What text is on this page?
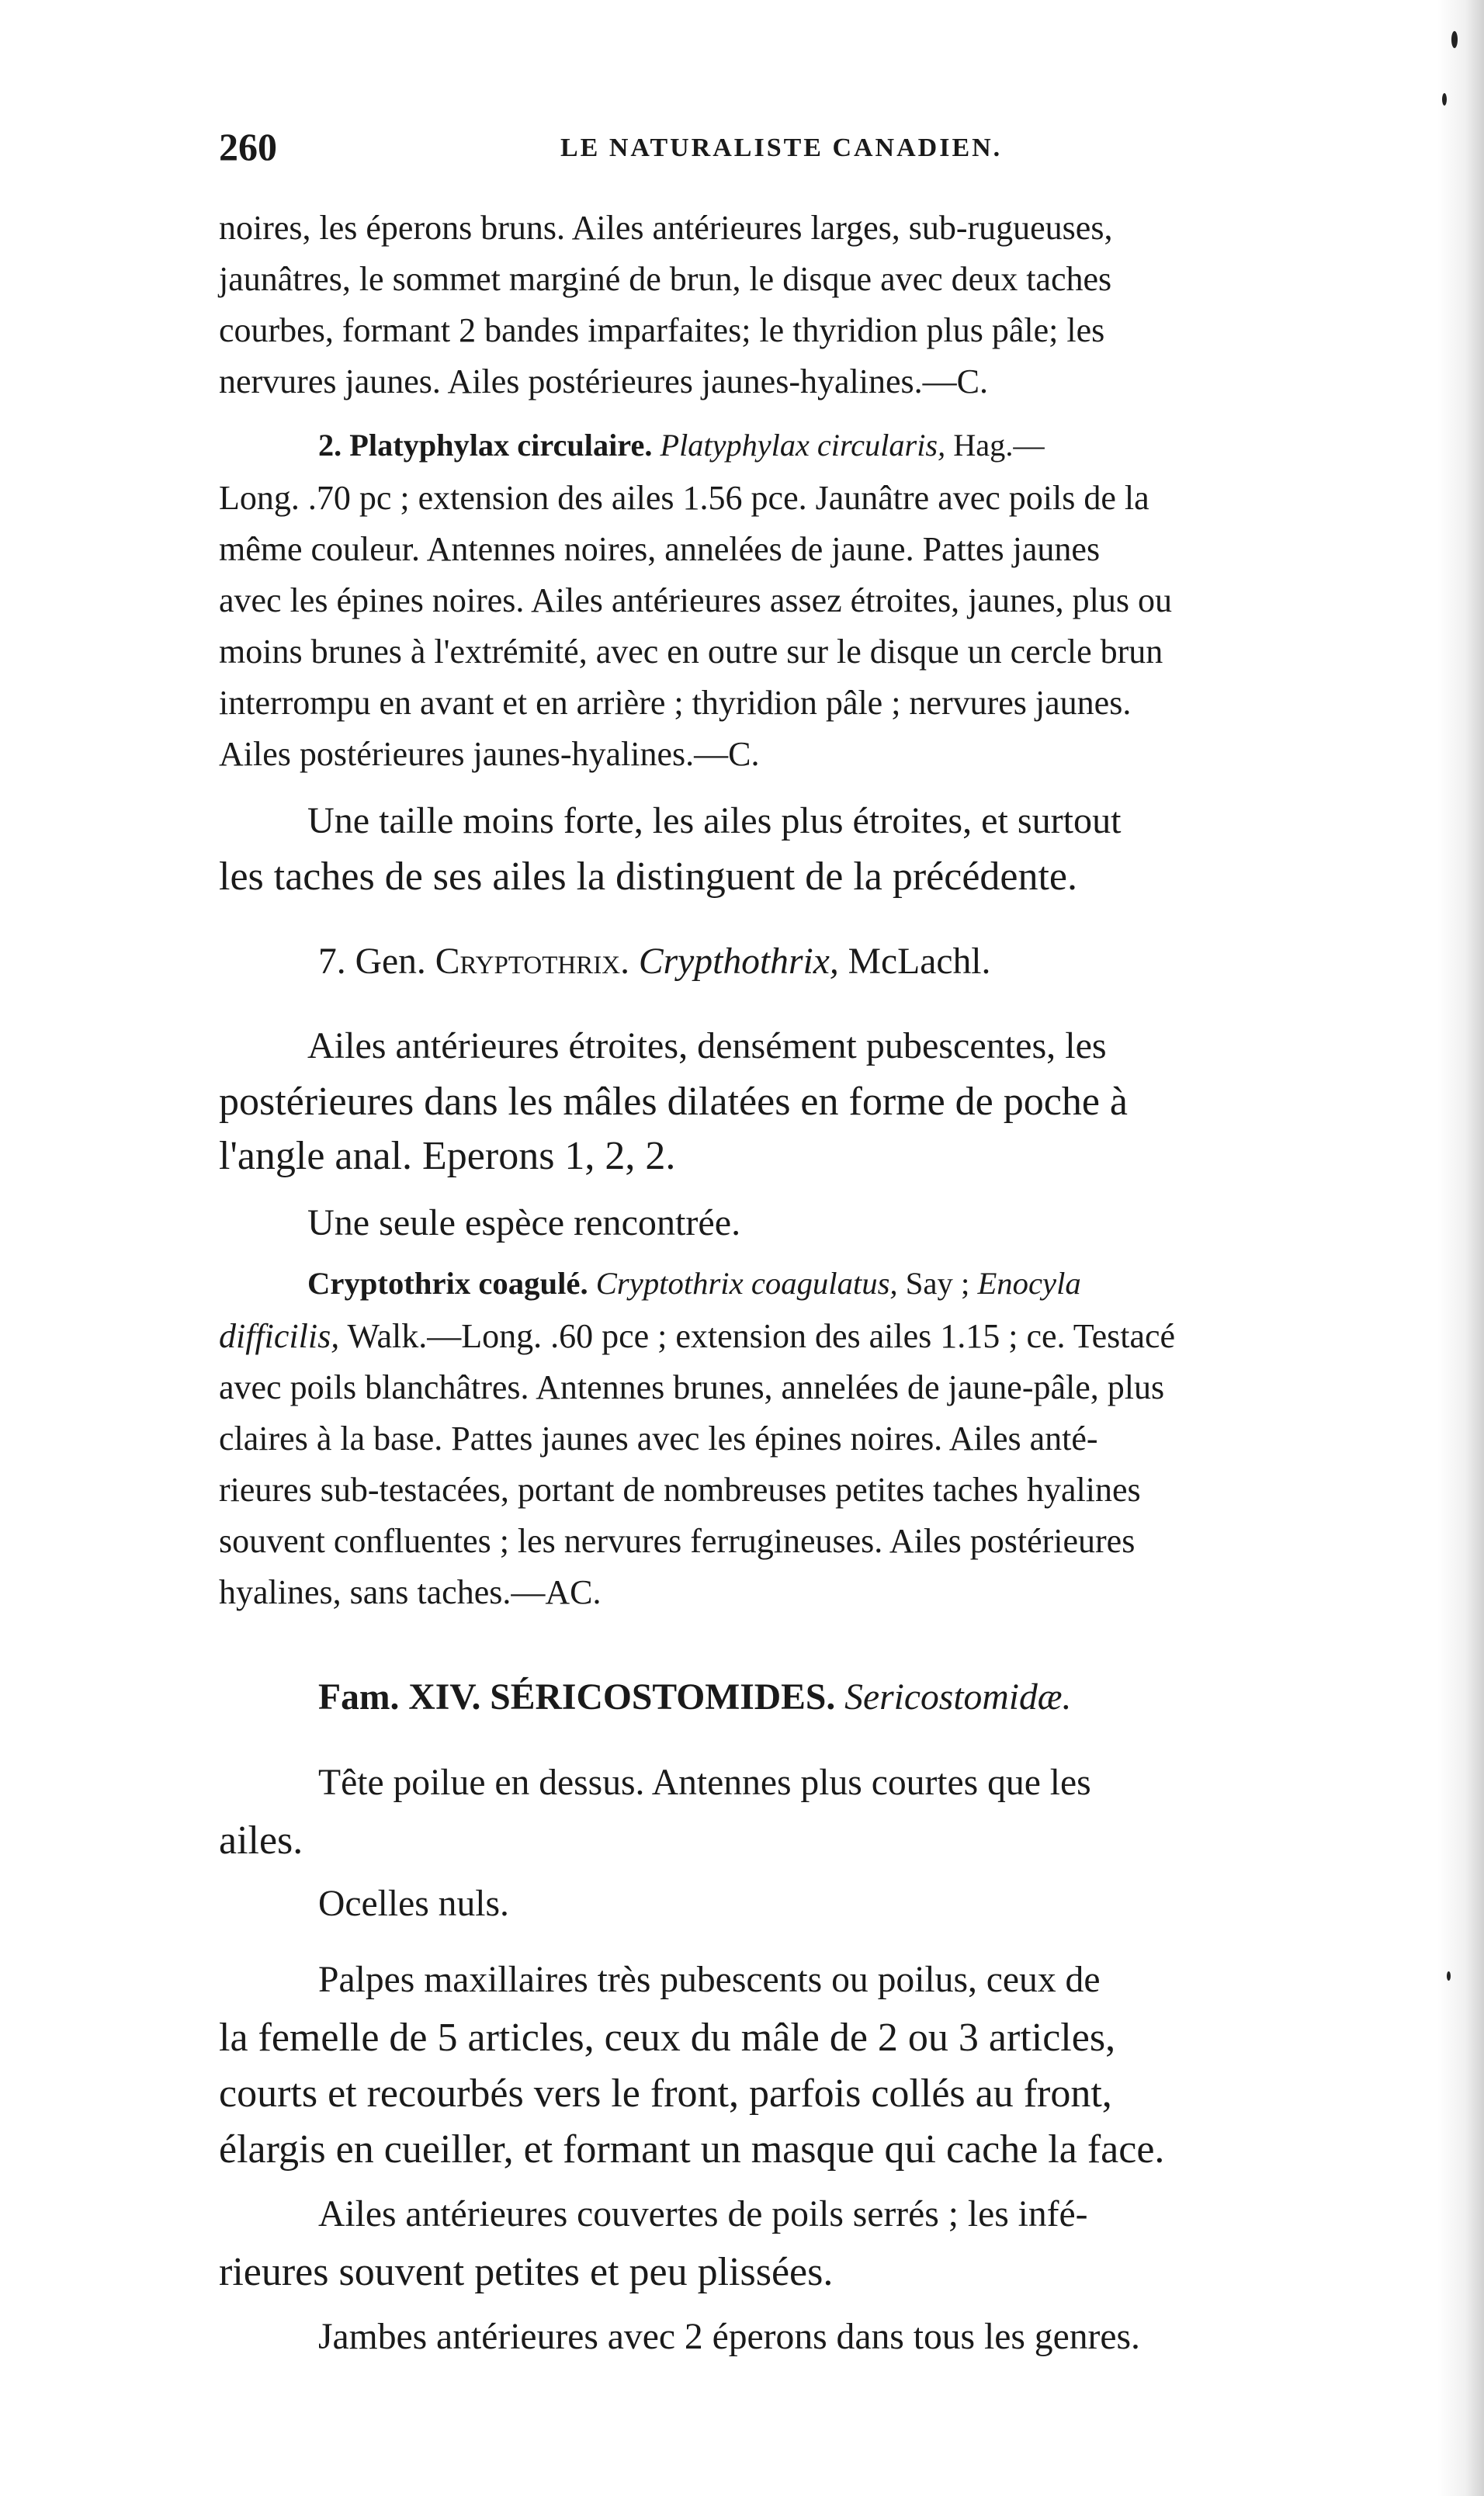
260	LE NATURALISTE CANADIEN.
noires, les éperons bruns. Ailes antérieures larges, sub-rugueuses,
jaunâtres, le sommet marginé de brun, le disque avec deux taches
courbes, formant 2 bandes imparfaites; le thyridion plus pâle; les
nervures jaunes. Ailes postérieures jaunes-hyalines.—C.
2. Platyphylax circulaire. Platyphylax circularis, Hag.—
Long. .70 pc ; extension des ailes 1.56 pce. Jaunâtre avec poils de la
même couleur. Antennes noires, annelées de jaune. Pattes jaunes
avec les épines noires. Ailes antérieures assez étroites, jaunes, plus ou
moins brunes à l'extrémité, avec en outre sur le disque un cercle brun
interrompu en avant et en arrière ; thyridion pâle ; nervures jaunes.
Ailes postérieures jaunes-hyalines.—C.
Une taille moins forte, les ailes plus étroites, et surtout
les taches de ses ailes la distinguent de la précédente.
7. Gen. Cryptothrix. Crypthothrix, McLachl.
Ailes antérieures étroites, densément pubescentes, les
postérieures dans les mâles dilatées en forme de poche à
l'angle anal. Eperons 1, 2, 2.
Une seule espèce rencontrée.
Cryptothrix coagulé. Cryptothrix coagulatus, Say ; Enocyla
difficilis, Walk.—Long. .60 pce ; extension des ailes 1.15 ; ce. Testacé
avec poils blanchâtres. Antennes brunes, annelées de jaune-pâle, plus
claires à la base. Pattes jaunes avec les épines noires. Ailes anté-
rieures sub-testacées, portant de nombreuses petites taches hyalines
souvent confluentes ; les nervures ferrugineuses. Ailes postérieures
hyalines, sans taches.—AC.
Fam. XIV. SÉRICOSTOMIDES. Sericostomidæ.
Tête poilue en dessus. Antennes plus courtes que les
ailes.
Ocelles nuls.
Palpes maxillaires très pubescents ou poilus, ceux de
la femelle de 5 articles, ceux du mâle de 2 ou 3 articles,
courts et recourbés vers le front, parfois collés au front,
élargis en cueiller, et formant un masque qui cache la face.
Ailes antérieures couvertes de poils serrés ; les infé-
rieures souvent petites et peu plissées.
Jambes antérieures avec 2 éperons dans tous les genres.
